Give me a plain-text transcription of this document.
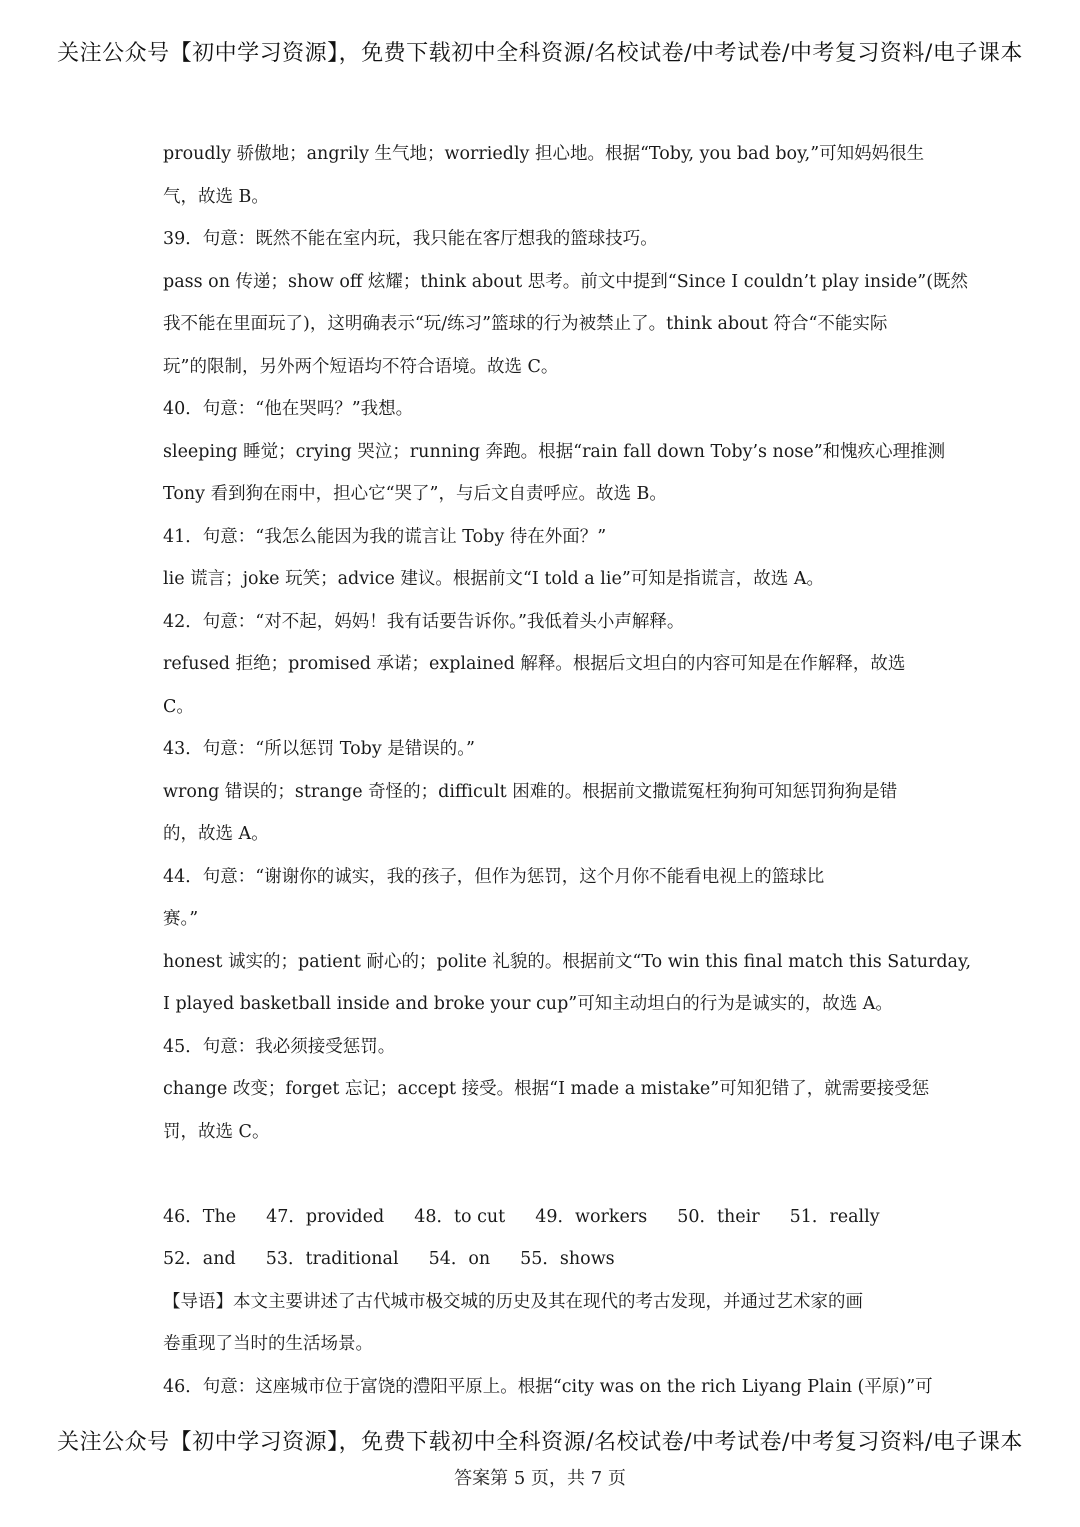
关注公众号【初中学习资源】，免费下载初中全科资源/名校试卷/中考试卷/中考复习资料/电子课本
proudly 骄傲地；angrily 生气地；worriedly 担心地。根据“Toby, you bad boy,”可知妈妈很生
气，故选 B。
39．句意：既然不能在室内玩，我只能在客厅想我的篮球技巧。
pass on 传递；show off 炫耀；think about 思考。前文中提到“Since I couldn’t play inside”(既然
我不能在里面玩了)，这明确表示“玩/练习”篮球的行为被禁止了。think about 符合“不能实际
玩”的限制，另外两个短语均不符合语境。故选 C。
40．句意：“他在哭吗？”我想。
sleeping 睡觉；crying 哭泣；running 奔跑。根据“rain fall down Toby’s nose”和愧疚心理推测
Tony 看到狗在雨中，担心它“哭了”，与后文自责呼应。故选 B。
41．句意：“我怎么能因为我的谎言让 Toby 待在外面？”
lie 谎言；joke 玩笑；advice 建议。根据前文“I told a lie”可知是指谎言，故选 A。
42．句意：“对不起，妈妈！我有话要告诉你。”我低着头小声解释。
refused 拒绝；promised 承诺；explained 解释。根据后文坦白的内容可知是在作解释，故选
C。
43．句意：“所以惩罚 Toby 是错误的。”
wrong 错误的；strange 奇怪的；difficult 困难的。根据前文撒谎冤枉狗狗可知惩罚狗狗是错
的，故选 A。
44．句意：“谢谢你的诚实，我的孩子，但作为惩罚，这个月你不能看电视上的篮球比
赛。”
honest 诚实的；patient 耐心的；polite 礼貌的。根据前文“To win this final match this Saturday,
I played basketball inside and broke your cup”可知主动坦白的行为是诚实的，故选 A。
45．句意：我必须接受惩罚。
change 改变；forget 忘记；accept 接受。根据“I made a mistake”可知犯错了，就需要接受惩
罚，故选 C。
46．The 47．provided 48．to cut 49．workers 50．their 51．really
52．and 53．traditional 54．on 55．shows
【导语】本文主要讲述了古代城市极交城的历史及其在现代的考古发现，并通过艺术家的画
卷重现了当时的生活场景。
46．句意：这座城市位于富饶的澧阳平原上。根据“city was on the rich Liyang Plain (平原)”可
关注公众号【初中学习资源】，免费下载初中全科资源/名校试卷/中考试卷/中考复习资料/电子课本
答案第 5 页，共 7 页
